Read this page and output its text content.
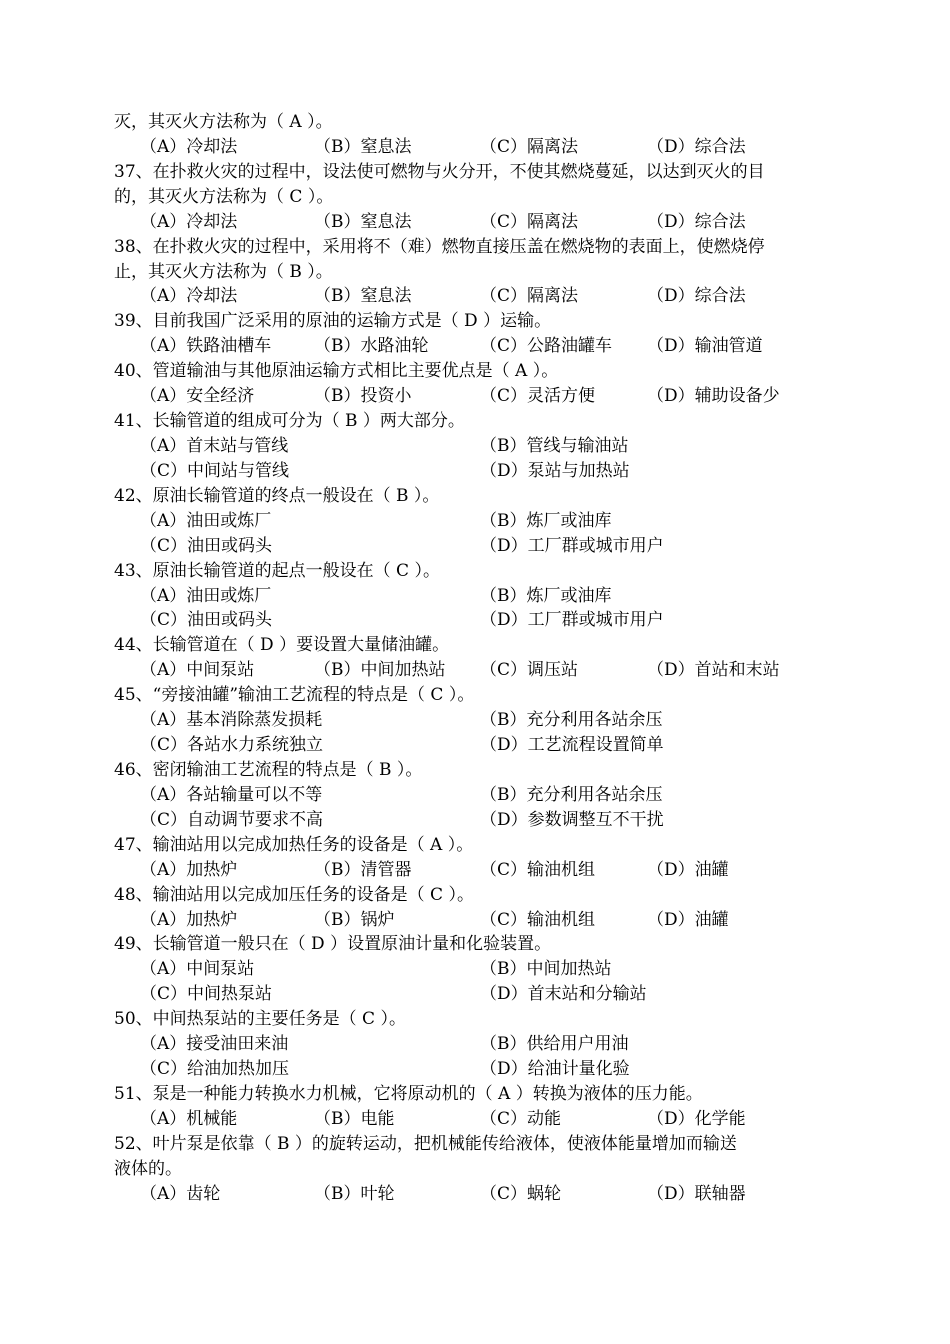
灭，其灭火方法称为（ A ）。
（A）冷却法	（B）窒息法	（C）隔离法	（D）综合法
37、在扑救火灾的过程中，设法使可燃物与火分开，不使其燃烧蔓延，以达到灭火的目
的，其灭火方法称为（ C ）。
（A）冷却法	（B）窒息法	（C）隔离法	（D）综合法
38、在扑救火灾的过程中，采用将不（难）燃物直接压盖在燃烧物的表面上，使燃烧停
止，其灭火方法称为（ B ）。
（A）冷却法	（B）窒息法	（C）隔离法	（D）综合法
39、目前我国广泛采用的原油的运输方式是（ D ）运输。
（A）铁路油槽车	（B）水路油轮	（C）公路油罐车 （D）输油管道
40、管道输油与其他原油运输方式相比主要优点是（ A ）。
（A）安全经济	（B）投资小	（C）灵活方便	（D）辅助设备少
41、长输管道的组成可分为（ B ）两大部分。
（A）首末站与管线	（B）管线与输油站
（C）中间站与管线	（D）泵站与加热站
42、原油长输管道的终点一般设在（ B ）。
（A）油田或炼厂	（B）炼厂或油库
（C）油田或码头	（D）工厂群或城市用户
43、原油长输管道的起点一般设在（ C ）。
（A）油田或炼厂	（B）炼厂或油库
（C）油田或码头	（D）工厂群或城市用户
44、长输管道在（ D ）要设置大量储油罐。
（A）中间泵站	（B）中间加热站 （C）调压站	（D）首站和末站
45、“旁接油罐”输油工艺流程的特点是（ C ）。
（A）基本消除蒸发损耗	（B）充分利用各站余压
（C）各站水力系统独立	（D）工艺流程设置简单
46、密闭输油工艺流程的特点是（ B ）。
（A）各站输量可以不等	（B）充分利用各站余压
（C）自动调节要求不高	（D）参数调整互不干扰
47、输油站用以完成加热任务的设备是（ A ）。
（A）加热炉	（B）清管器	（C）输油机组	（D）油罐
48、输油站用以完成加压任务的设备是（ C ）。
（A）加热炉	（B）锅炉	（C）输油机组	（D）油罐
49、长输管道一般只在（ D ）设置原油计量和化验装置。
（A）中间泵站	（B）中间加热站
（C）中间热泵站	（D）首末站和分输站
50、中间热泵站的主要任务是（ C ）。
（A）接受油田来油	（B）供给用户用油
（C）给油加热加压	（D）给油计量化验
51、泵是一种能力转换水力机械，它将原动机的（ A ）转换为液体的压力能。
（A）机械能	（B）电能	（C）动能	（D）化学能
52、叶片泵是依靠（ B ）的旋转运动，把机械能传给液体，使液体能量增加而输送
液体的。
（A）齿轮	（B）叶轮	（C）蜗轮	（D）联轴器
